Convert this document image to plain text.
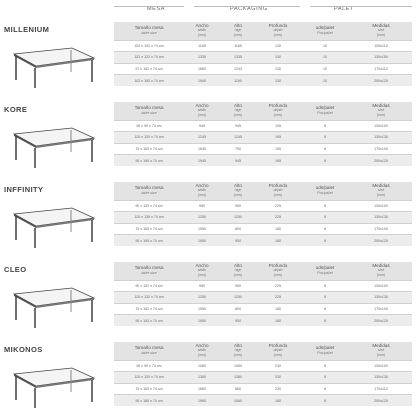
MESA	PACKAGING	PALET
MILLENIUM	Tamaño mesa
table size	Ancho
width
(mm)	Alto
high
(mm)	Profundo
depth
(mm)	uds/palet
Pcs/pallet	Medidas
size
(mm)

102 x 102 x 74 cm	1165	1165	130	10	100x110
122 x 122 x 74 cm	1335	1335	130	10	130x150
97 x 162 x 74 cm	1660	1243	130	10	170x110
102 x 192 x 74 cm	1940	1190	130	10	200x120
KORE	Tamaño mesa
table size	Ancho
width
(mm)	Alto
high
(mm)	Profundo
depth
(mm)	uds/palet
Pcs/pallet	Medidas
size
(mm)

90 x 90 x 74 cm	945	945	195	8	100x100
120 x 120 x 74 cm	1245	1245	195	8	130x130
75 x 160 x 74 cm	1645	790	195	8	170x100
90 x 190 x 74 cm	1945	945	195	8	200x120
INFFINITY	Tamaño mesa
table size	Ancho
width
(mm)	Alto
high
(mm)	Profundo
depth
(mm)	uds/palet
Pcs/pallet	Medidas
size
(mm)

90 x 105 x 74 cm	950	950	225	8	100x100
120 x 135 x 74 cm	1250	1250	225	8	130x130
75 x 165 x 74 cm	1550	800	180	8	170x100
90 x 195 x 74 cm	1950	950	180	8	200x120
CLEO	Tamaño mesa
table size	Ancho
width
(mm)	Alto
high
(mm)	Profundo
depth
(mm)	uds/palet
Pcs/pallet	Medidas
size
(mm)

90 x 102 x 74 cm	950	950	225	8	100x100
120 x 132 x 74 cm	1250	1250	225	8	130x130
75 x 162 x 74 cm	1550	800	180	8	170x100
90 x 192 x 74 cm	1950	950	180	6	200x120
MIKONOS	Tamaño mesa
table size	Ancho
width
(mm)	Alto
high
(mm)	Profundo
depth
(mm)	uds/palet
Pcs/pallet	Medidas
size
(mm)

90 x 90 x 74 cm	1080	1080	230	8	100x100
120 x 120 x 74 cm	1380	1380	230	8	130x130
75 x 160 x 74 cm	1660	860	230	8	170x110
90 x 180 x 74 cm	1960	1060	180	6	200x120
